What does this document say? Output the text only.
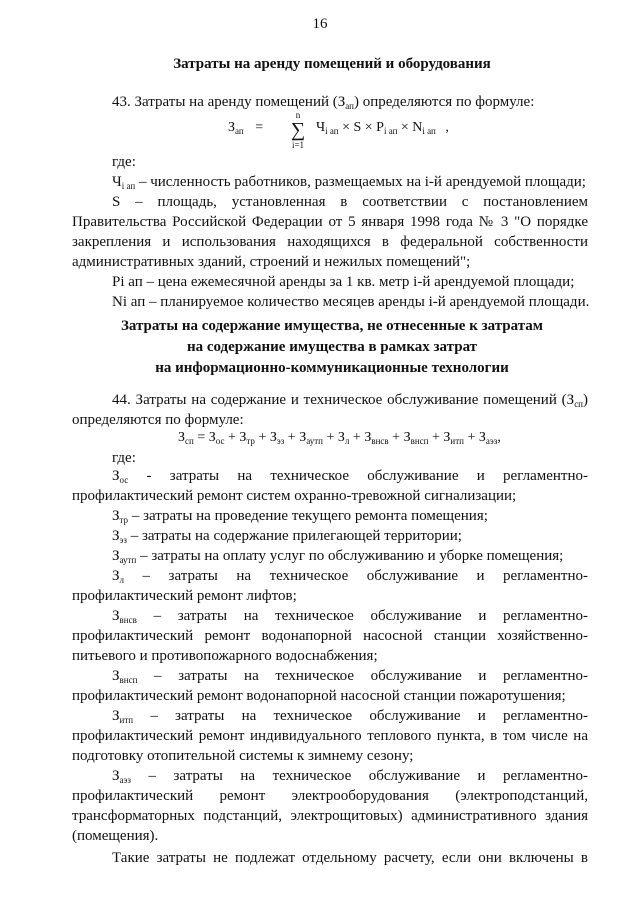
16
Затраты на аренду помещений и оборудования
43. Затраты на аренду помещений $(З_{ап})$ определяются по формуле:
$З_{ап}$ =
n
∑
i=1
$Ч_{i ап} \times S \times P_{i ап} \times N_{i ап}$ ,
где:
$Ч_{i ап}$ – численность работников, размещаемых на i-й арендуемой площади;
S – площадь, установленная в соответствии с постановлением
Правительства Российской Федерации от 5 января 1998 года № 3 "О порядке
закрепления и использования находящихся в федеральной собственности
административных зданий, строений и нежилых помещений";
Pi ап – цена ежемесячной аренды за 1 кв. метр i-й арендуемой площади;
Ni ап – планируемое количество месяцев аренды i-й арендуемой площади.
Затраты на содержание имущества, не отнесенные к затратам
на содержание имущества в рамках затрат
на информационно-коммуникационные технологии
44. Затраты на содержание и техническое обслуживание помещений $(З_{сп})$
определяются по формуле:
$З_{сп} = З_{ос} + З_{тр} + З_{эз} + З_{аутп} + З_л + З_{внсв} + З_{внсп} + З_{итп} + З_{аэз}$,
где:
$З_{ос}$ - затраты на техническое обслуживание и регламентно-
профилактический ремонт систем охранно-тревожной сигнализации;
$З_{тр}$ – затраты на проведение текущего ремонта помещения;
$З_{эз}$ – затраты на содержание прилегающей территории;
$З_{аутп}$ – затраты на оплату услуг по обслуживанию и уборке помещения;
$З_л$ – затраты на техническое обслуживание и регламентно-
профилактический ремонт лифтов;
$З_{внсв}$ – затраты на техническое обслуживание и регламентно-
профилактический ремонт водонапорной насосной станции хозяйственно-
питьевого и противопожарного водоснабжения;
$З_{внсп}$ – затраты на техническое обслуживание и регламентно-
профилактический ремонт водонапорной насосной станции пожаротушения;
$З_{итп}$ – затраты на техническое обслуживание и регламентно-
профилактический ремонт индивидуального теплового пункта, в том числе на
подготовку отопительной системы к зимнему сезону;
$З_{аэз}$ – затраты на техническое обслуживание и регламентно-
профилактический ремонт электрооборудования (электроподстанций,
трансформаторных подстанций, электрощитовых) административного здания
(помещения).
Такие затраты не подлежат отдельному расчету, если они включены в
